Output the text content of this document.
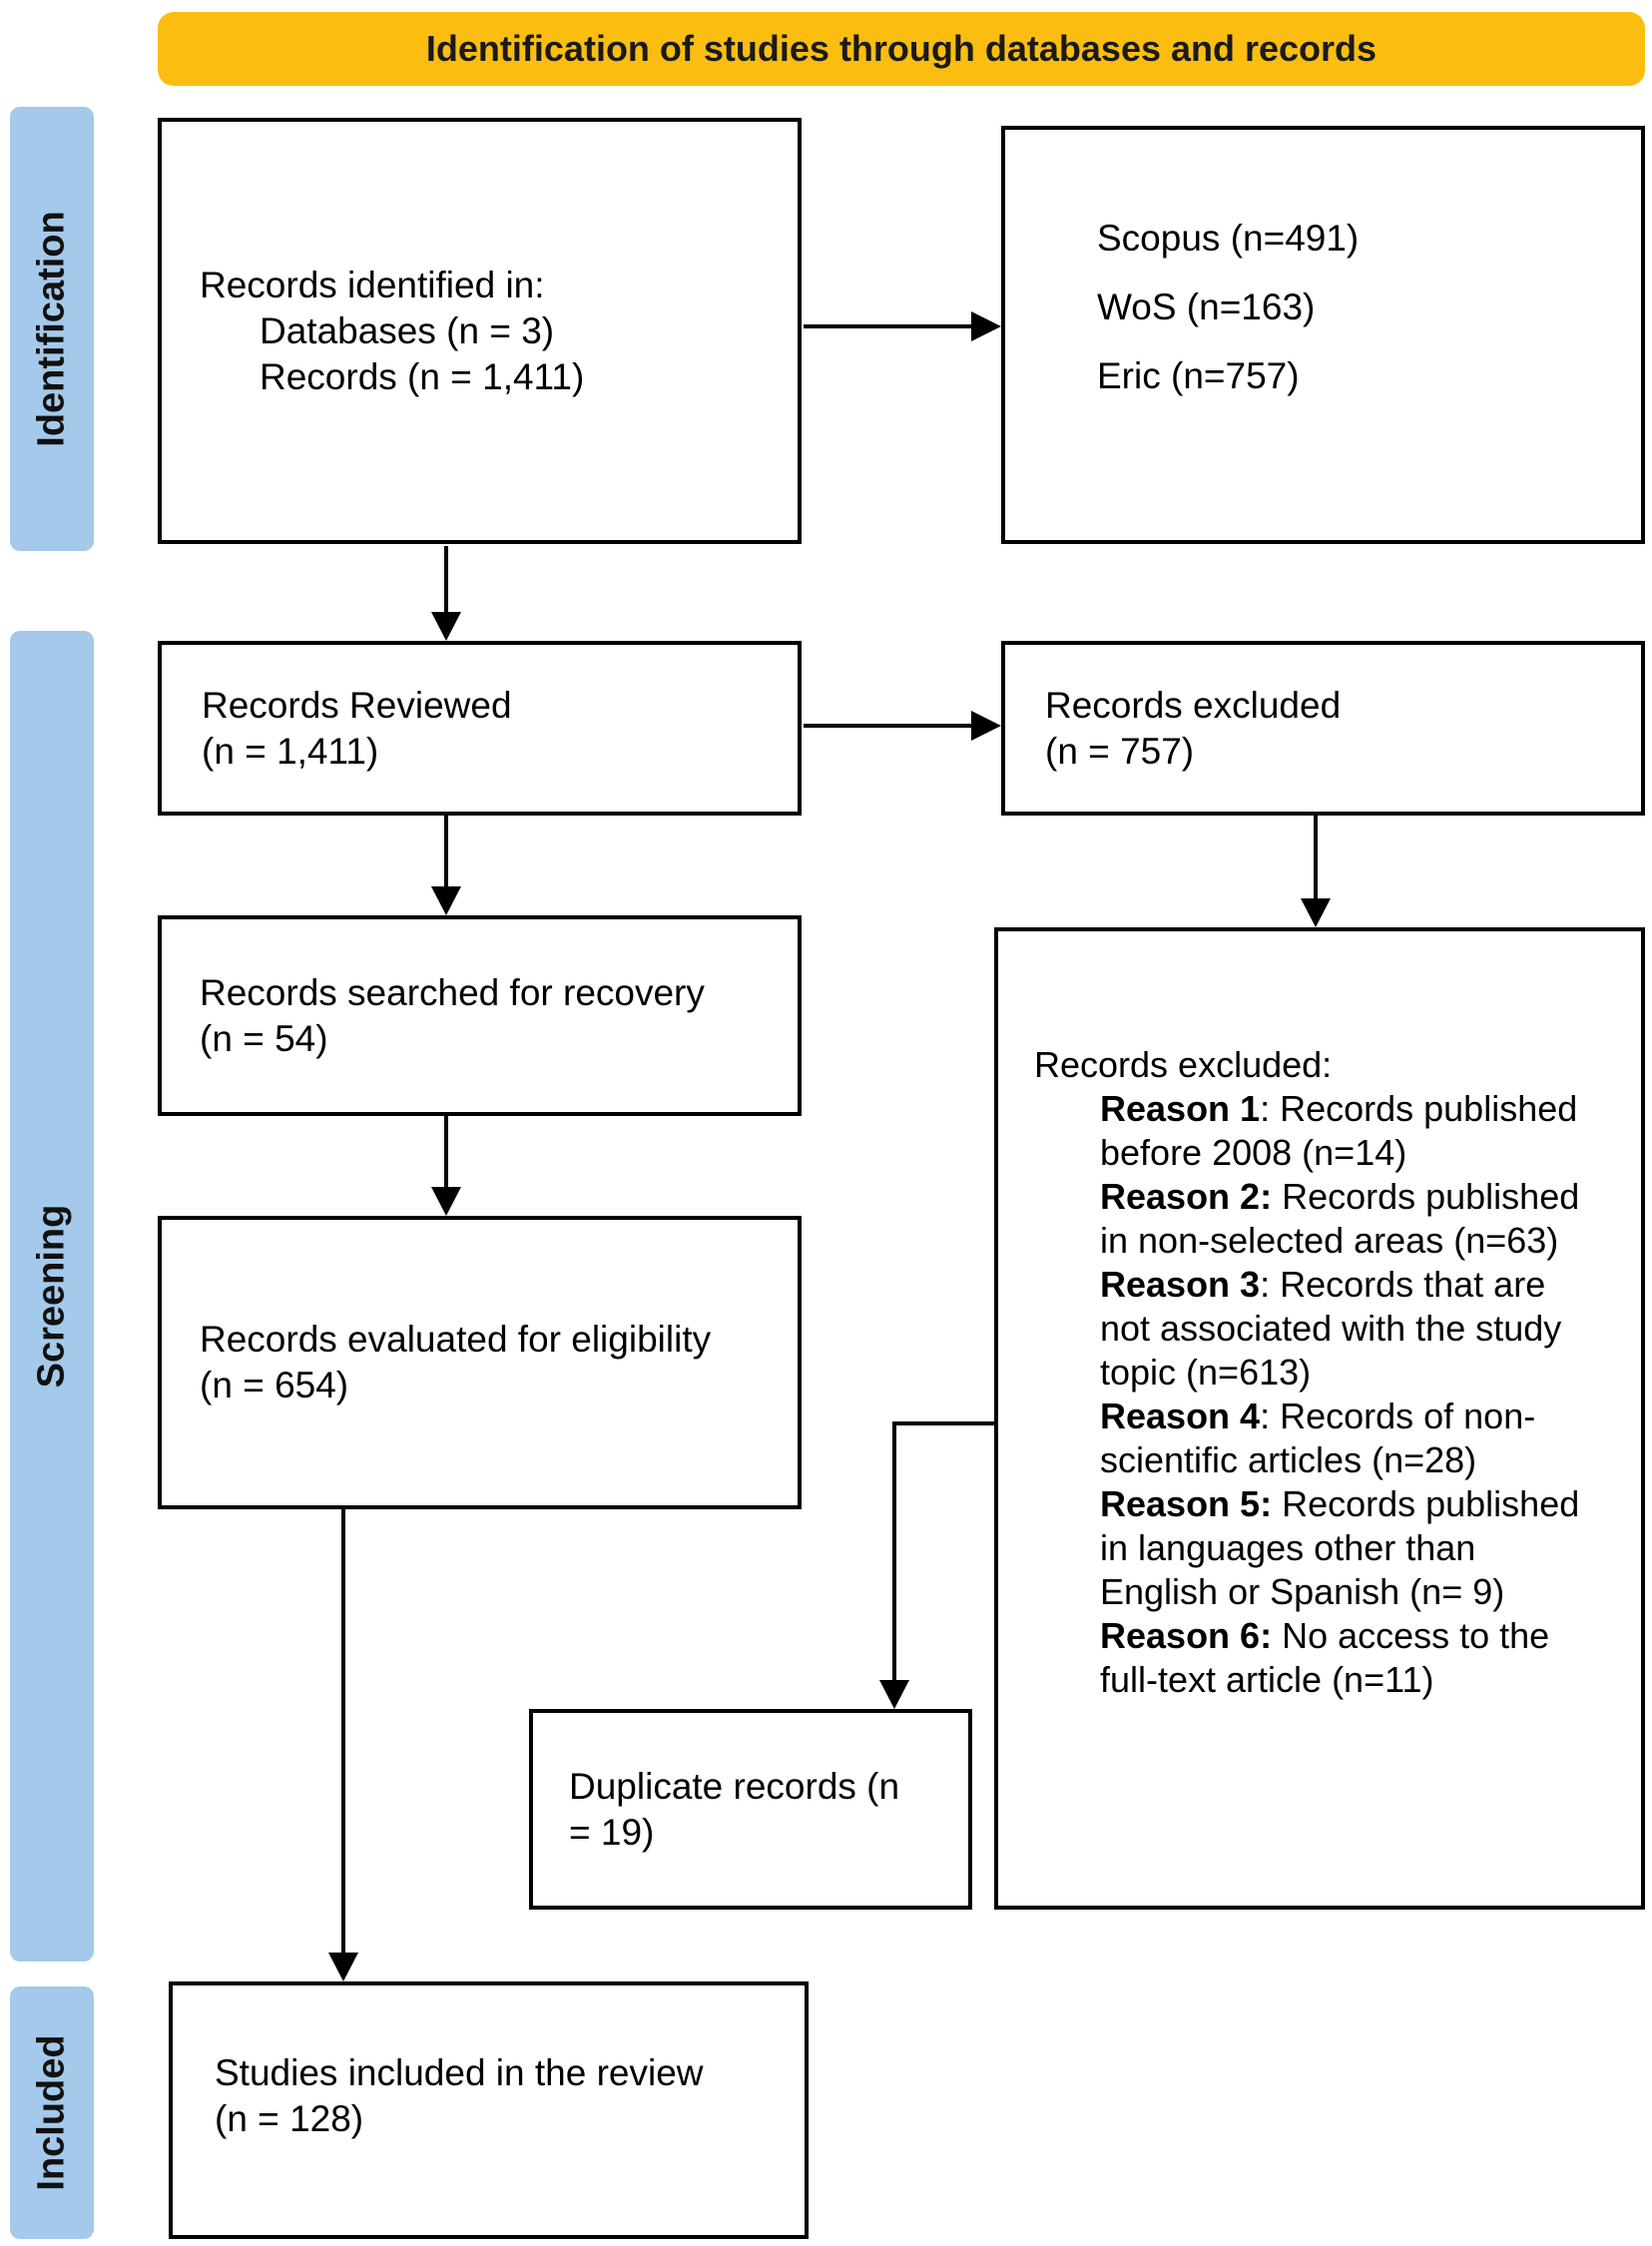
Identification of studies through databases and records
Identification
Screening
Included
Records identified in:
Databases (n = 3)
Records (n = 1,411)
Scopus (n=491)
WoS (n=163)
Eric (n=757)
Records Reviewed
(n = 1,411)
Records excluded
(n = 757)
Records searched for recovery
(n = 54)
Records evaluated for eligibility
(n = 654)
Records excluded:
Reason 1: Records published before 2008 (n=14)
Reason 2: Records published in non-selected areas (n=63)
Reason 3: Records that are not associated with the study topic (n=613)
Reason 4: Records of non-scientific articles (n=28)
Reason 5: Records published in languages other than English or Spanish (n= 9)
Reason 6: No access to the full-text article (n=11)
Duplicate records (n
= 19)
Studies included in the review
(n = 128)
